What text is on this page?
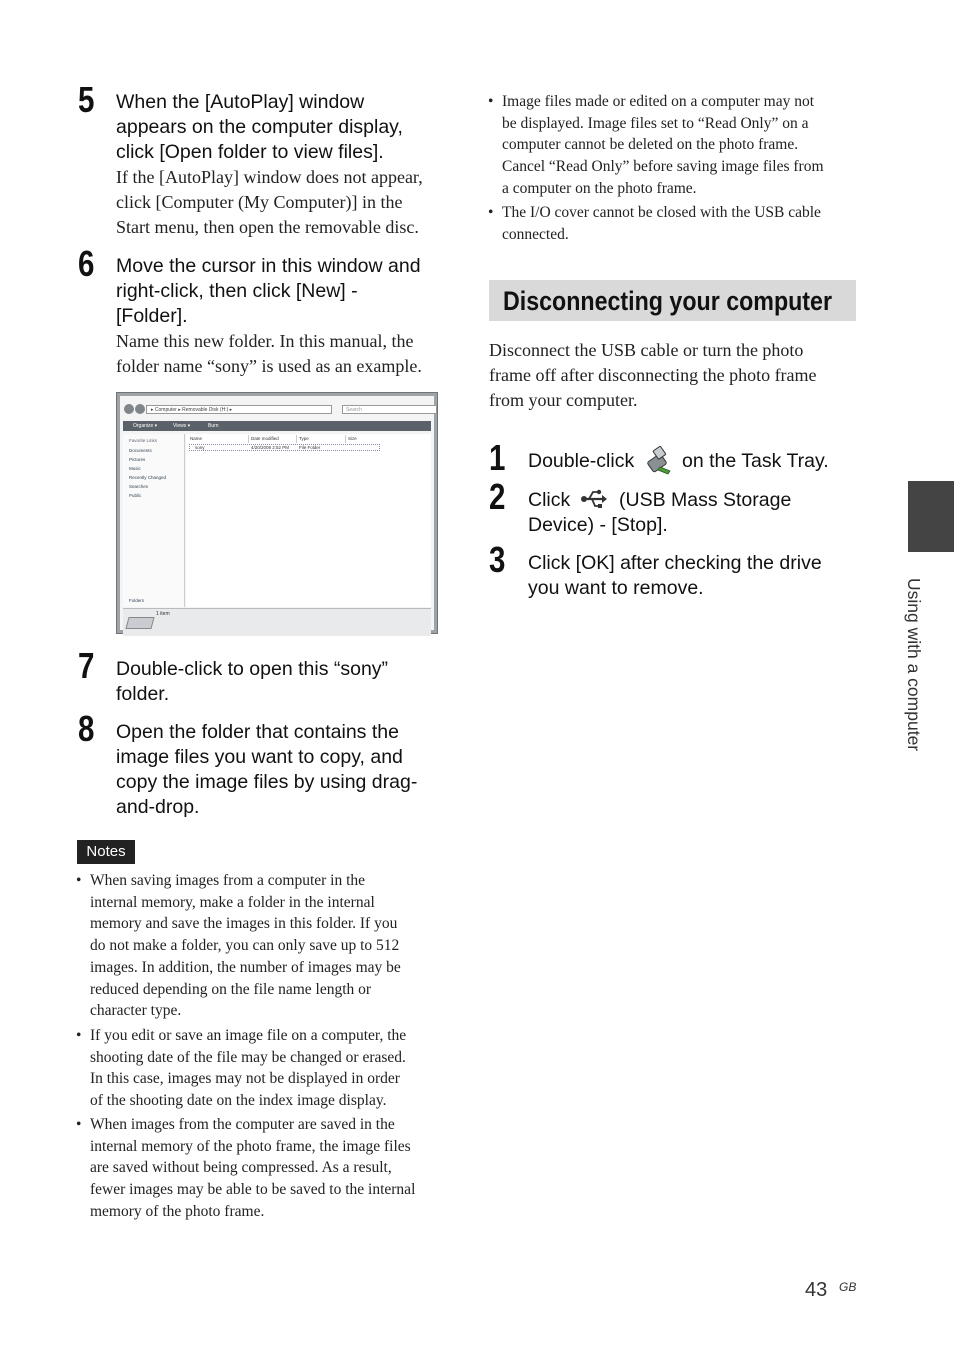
5 When the [AutoPlay] window
appears on the computer display,
click [Open folder to view files].
If the [AutoPlay] window does not appear,
click [Computer (My Computer)] in the
Start menu, then open the removable disc.
6 Move the cursor in this window and
right-click, then click [New] -
[Folder].
Name this new folder. In this manual, the
folder name “sony” is used as an example.
▸ Computer ▸ Removable Disk (H:) ▸	Search
Organize ▾	Views ▾	Burn
Favorite Links
Documents
Pictures
Music
Recently Changed
Searches
Public
Folders
Name	Date modified	Type	Size
sony	4/20/2008 2:52 PM File Folder
1 item
7 Double-click to open this “sony”
folder.
8 Open the folder that contains the
image files you want to copy, and
copy the image files by using drag-
and-drop.
Notes
• When saving images from a computer in the
internal memory, make a folder in the internal
memory and save the images in this folder. If you
do not make a folder, you can only save up to 512
images. In addition, the number of images may be
reduced depending on the file name length or
character type.
• If you edit or save an image file on a computer, the
shooting date of the file may be changed or erased.
In this case, images may not be displayed in order
of the shooting date on the index image display.
• When images from the computer are saved in the
internal memory of the photo frame, the image files
are saved without being compressed. As a result,
fewer images may be able to be saved to the internal
memory of the photo frame.
• Image files made or edited on a computer may not
be displayed. Image files set to “Read Only” on a
computer cannot be deleted on the photo frame.
Cancel “Read Only” before saving image files from
a computer on the photo frame.
• The I/O cover cannot be closed with the USB cable
connected.
Disconnecting your computer
Disconnect the USB cable or turn the photo
frame off after disconnecting the photo frame
from your computer.
1 Double-click on the Task Tray.
2 Click	(USB Mass Storage
Device) - [Stop].
3 Click [OK] after checking the drive
you want to remove.	Using with a computer
43 GB
